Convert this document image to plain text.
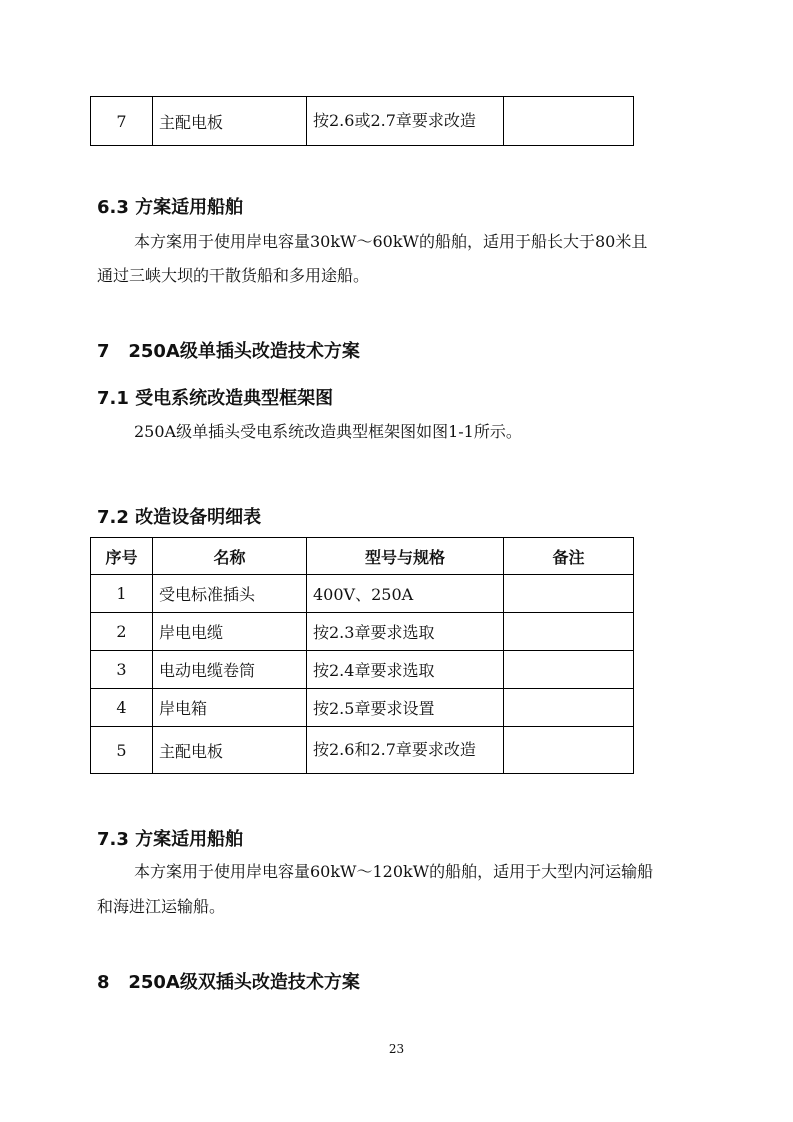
7	主配电板	按2.6或2.7章要求改造	
6.3 方案适用船舶
本方案用于使用岸电容量30kW～60kW的船舶，适用于船长大于80米且
通过三峡大坝的干散货船和多用途船。
7   250A级单插头改造技术方案
7.1 受电系统改造典型框架图
250A级单插头受电系统改造典型框架图如图1-1所示。
7.2 改造设备明细表
序号	名称	型号与规格	备注
1	受电标准插头	400V、250A	
2	岸电电缆	按2.3章要求选取	
3	电动电缆卷筒	按2.4章要求选取	
4	岸电箱	按2.5章要求设置	
5	主配电板	按2.6和2.7章要求改造	
7.3 方案适用船舶
本方案用于使用岸电容量60kW～120kW的船舶，适用于大型内河运输船
和海进江运输船。
8   250A级双插头改造技术方案
23
